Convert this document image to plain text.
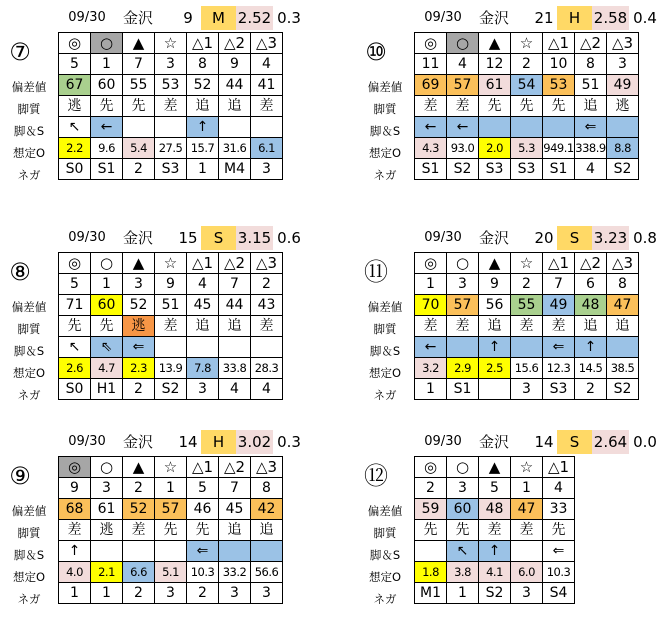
09/30	金沢	9	M 2.52 0.3
⑦
偏差値
脚質
脚＆S
想定O
ネガ
◎	○	▲	☆	△1	△2	△3
5	1	7	3	8	9	4
67	60	55	53	52	44	41
逃	先	先	差	追	追	差
↖	←			↑		
2.2	9.6	5.4	27.5	15.7	31.6	6.1
S0	S1	2	S3	1	M4	3
09/30	金沢	21	H 2.58 0.4
⑩
偏差値
脚質
脚＆S
想定O
ネガ
◎	○	▲	☆	△1	△2	△3
11	4	12	2	10	8	3
69	57	61	54	53	51	49
差	差	先	先	先	追	逃
←	←				⇐	
4.3	93.0	2.0	5.3	949.1	338.9	8.8
S1	S2	S3	S3	S1	4	S2
09/30	金沢	15	S 3.15 0.6
⑧
偏差値
脚質
脚＆S
想定O
ネガ
◎	○	▲	☆	△1	△2	△3
5	1	3	9	4	7	2
71	60	52	51	45	44	43
先	先	逃	差	追	追	差
↖	⇖	⇐				
2.6	4.7	2.3	13.9	7.8	33.8	28.3
S0	H1	2	S2	3	4	4
09/30	金沢	20	S 3.23 0.8
⑪
偏差値
脚質
脚＆S
想定O
ネガ
◎	○	▲	☆	△1	△2	△3
1	3	9	2	7	6	8
70	57	56	55	49	48	47
差	差	追	差	差	追	追
←		↑		⇐	↑	
3.2	2.9	2.5	15.6	12.3	14.5	38.5
1	S1		3	S3	2	S2
09/30	金沢	14	H 3.02 0.3
⑨
偏差値
脚質
脚＆S
想定O
ネガ
◎	○	▲	☆	△1	△2	△3
9	3	2	1	5	7	8
68	61	52	57	46	45	42
差	逃	差	先	先	追	追
↑				⇐		
4.0	2.1	6.6	5.1	10.3	33.2	56.6
1	1	2	3	2	3	3
09/30	金沢	14	S 2.64 0.0
⑫
偏差値
脚質
脚＆S
想定O
ネガ
◎	○	▲	☆	△1
2	3	5	1	4
59	60	48	47	33
先	先	差	差	先
	↖	↑		⇐
1.8	3.8	4.1	6.0	10.3
M1	1	S2	3	S4
